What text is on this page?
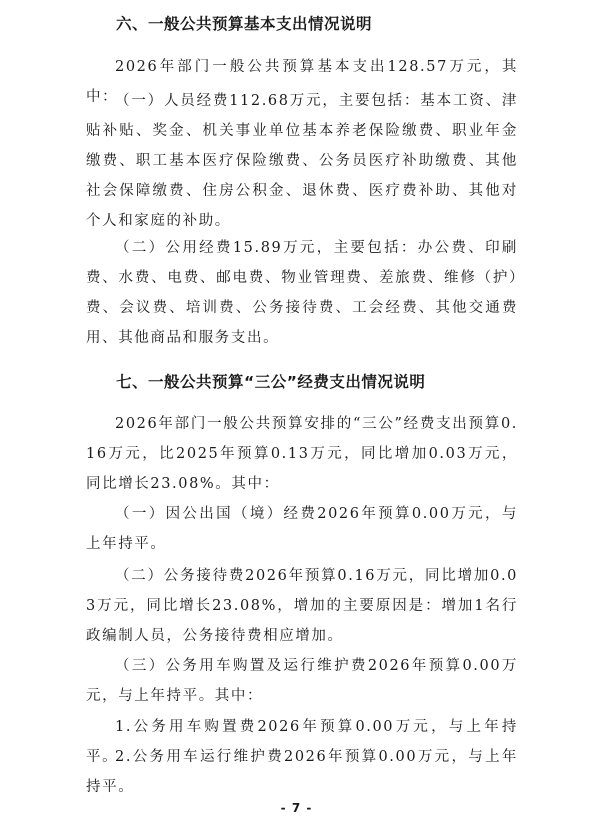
六、一般公共预算基本支出情况说明
2026年部门一般公共预算基本支出128.57万元，其中：
（一）人员经费112.68万元，主要包括：基本工资、津贴补贴、奖金、机关事业单位基本养老保险缴费、职业年金缴费、职工基本医疗保险缴费、公务员医疗补助缴费、其他社会保障缴费、住房公积金、退休费、医疗费补助、其他对个人和家庭的补助。
（二）公用经费15.89万元，主要包括：办公费、印刷费、水费、电费、邮电费、物业管理费、差旅费、维修（护）费、会议费、培训费、公务接待费、工会经费、其他交通费用、其他商品和服务支出。
七、一般公共预算“三公”经费支出情况说明
2026年部门一般公共预算安排的“三公”经费支出预算0.16万元，比2025年预算0.13万元，同比增加0.03万元，同比增长23.08%。其中：
（一）因公出国（境）经费2026年预算0.00万元，与上年持平。
（二）公务接待费2026年预算0.16万元，同比增加0.03万元，同比增长23.08%，增加的主要原因是：增加1名行政编制人员，公务接待费相应增加。
（三）公务用车购置及运行维护费2026年预算0.00万元，与上年持平。其中：
1.公务用车购置费2026年预算0.00万元，与上年持平。
2.公务用车运行维护费2026年预算0.00万元，与上年持平。
- 7 -
